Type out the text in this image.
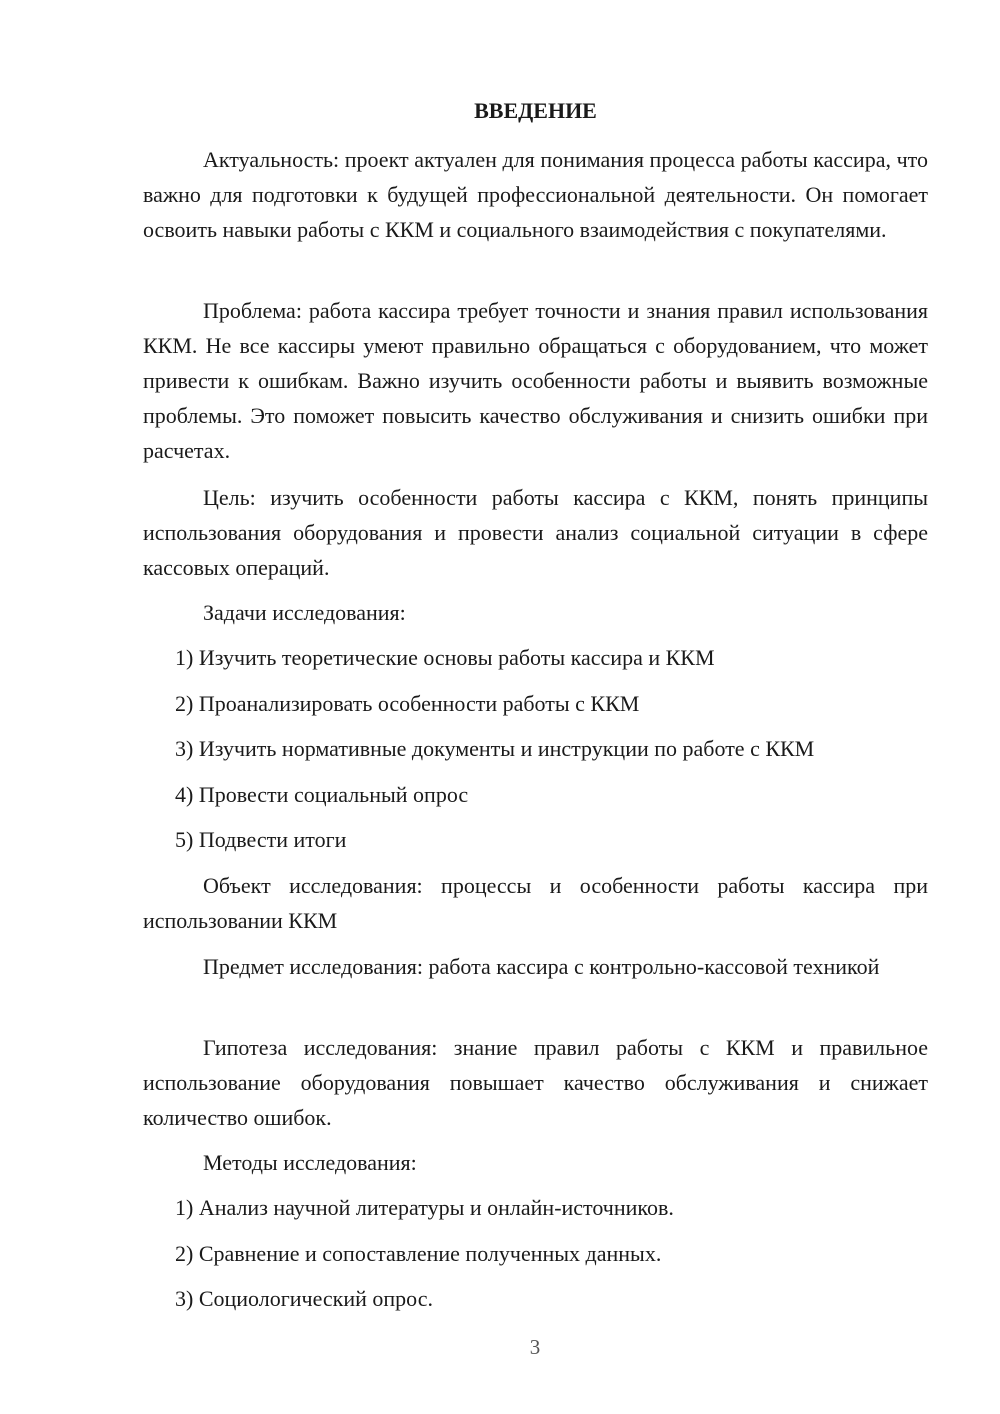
ВВЕДЕНИЕ

Актуальность: проект актуален для понимания процесса работы кассира, что важно для подготовки к будущей профессиональной деятельности. Он помогает освоить навыки работы с ККМ и социального взаимодействия с покупателями.

Проблема: работа кассира требует точности и знания правил использования ККМ. Не все кассиры умеют правильно обращаться с оборудованием, что может привести к ошибкам. Важно изучить особенности работы и выявить возможные проблемы. Это поможет повысить качество обслуживания и снизить ошибки при расчетах.

Цель: изучить особенности работы кассира с ККМ, понять принципы использования оборудования и провести анализ социальной ситуации в сфере кассовых операций.

Задачи исследования:
1) Изучить теоретические основы работы кассира и ККМ
2) Проанализировать особенности работы с ККМ
3) Изучить нормативные документы и инструкции по работе с ККМ
4) Провести социальный опрос
5) Подвести итоги

Объект исследования: процессы и особенности работы кассира при использовании ККМ

Предмет исследования: работа кассира с контрольно-кассовой техникой

Гипотеза исследования: знание правил работы с ККМ и правильное использование оборудования повышает качество обслуживания и снижает количество ошибок.

Методы исследования:
1) Анализ научной литературы и онлайн-источников.
2) Сравнение и сопоставление полученных данных.
3) Социологический опрос.
3
